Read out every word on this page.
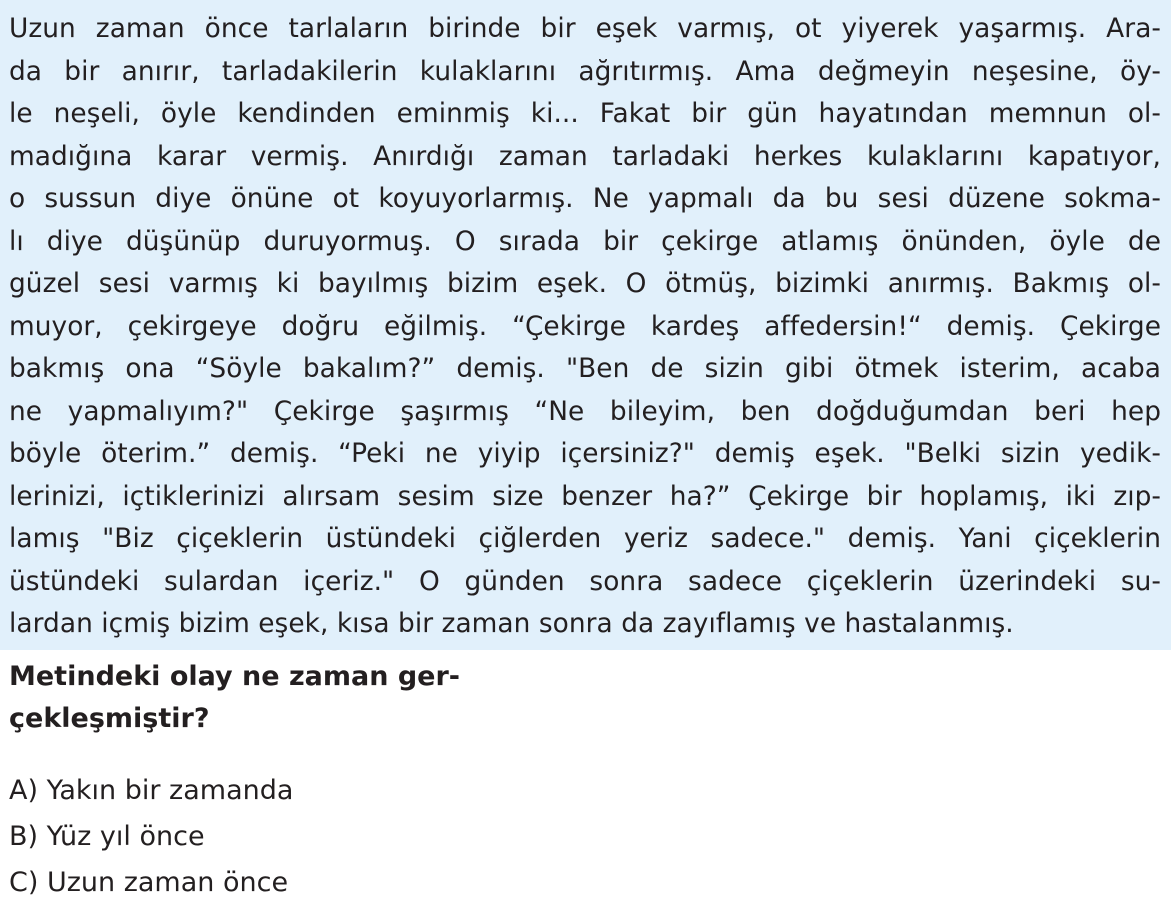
Uzun zaman önce tarlaların birinde bir eşek varmış, ot yiyerek yaşarmış. Ara-
da bir anırır, tarladakilerin kulaklarını ağrıtırmış. Ama değmeyin neşesine, öy-
le neşeli, öyle kendinden eminmiş ki... Fakat bir gün hayatından memnun ol-
madığına karar vermiş. Anırdığı zaman tarladaki herkes kulaklarını kapatıyor,
o sussun diye önüne ot koyuyorlarmış. Ne yapmalı da bu sesi düzene sokma-
lı diye düşünüp duruyormuş. O sırada bir çekirge atlamış önünden, öyle de
güzel sesi varmış ki bayılmış bizim eşek. O ötmüş, bizimki anırmış. Bakmış ol-
muyor, çekirgeye doğru eğilmiş. “Çekirge kardeş affedersin!“ demiş. Çekirge
bakmış ona “Söyle bakalım?” demiş. "Ben de sizin gibi ötmek isterim, acaba
ne yapmalıyım?" Çekirge şaşırmış “Ne bileyim, ben doğduğumdan beri hep
böyle öterim.” demiş. “Peki ne yiyip içersiniz?" demiş eşek. "Belki sizin yedik-
lerinizi, içtiklerinizi alırsam sesim size benzer ha?” Çekirge bir hoplamış, iki zıp-
lamış "Biz çiçeklerin üstündeki çiğlerden yeriz sadece." demiş. Yani çiçeklerin
üstündeki sulardan içeriz." O günden sonra sadece çiçeklerin üzerindeki su-
lardan içmiş bizim eşek, kısa bir zaman sonra da zayıflamış ve hastalanmış.
Metindeki olay ne zaman ger-
çekleşmiştir?
A) Yakın bir zamanda
B) Yüz yıl önce
C) Uzun zaman önce
